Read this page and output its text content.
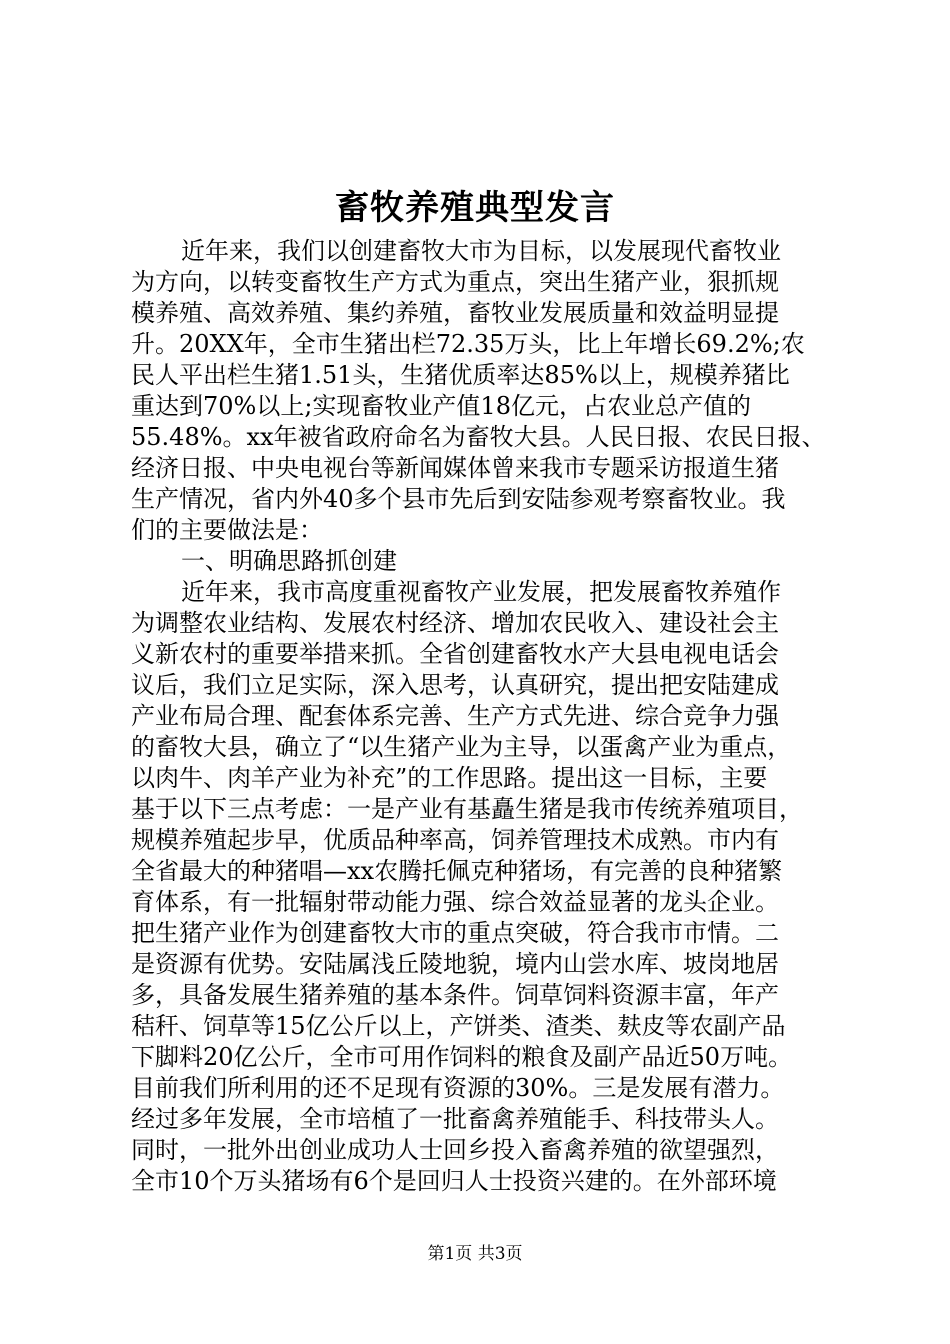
畜牧养殖典型发言
近年来，我们以创建畜牧大市为目标，以发展现代畜牧业
为方向，以转变畜牧生产方式为重点，突出生猪产业，狠抓规
模养殖、高效养殖、集约养殖，畜牧业发展质量和效益明显提
升。20XX年，全市生猪出栏72.35万头，比上年增长69.2%;农
民人平出栏生猪1.51头，生猪优质率达85%以上，规模养猪比
重达到70%以上;实现畜牧业产值18亿元，占农业总产值的
55.48%。xx年被省政府命名为畜牧大县。人民日报、农民日报、
经济日报、中央电视台等新闻媒体曾来我市专题采访报道生猪
生产情况，省内外40多个县市先后到安陆参观考察畜牧业。我
们的主要做法是：
一、明确思路抓创建
近年来，我市高度重视畜牧产业发展，把发展畜牧养殖作
为调整农业结构、发展农村经济、增加农民收入、建设社会主
义新农村的重要举措来抓。全省创建畜牧水产大县电视电话会
议后，我们立足实际，深入思考，认真研究，提出把安陆建成
产业布局合理、配套体系完善、生产方式先进、综合竞争力强
的畜牧大县，确立了“以生猪产业为主导，以蛋禽产业为重点，
以肉牛、肉羊产业为补充”的工作思路。提出这一目标，主要
基于以下三点考虑：一是产业有基矗生猪是我市传统养殖项目，
规模养殖起步早，优质品种率高，饲养管理技术成熟。市内有
全省最大的种猪唱—xx农腾托佩克种猪场，有完善的良种猪繁
育体系，有一批辐射带动能力强、综合效益显著的龙头企业。
把生猪产业作为创建畜牧大市的重点突破，符合我市市情。二
是资源有优势。安陆属浅丘陵地貌，境内山尝水库、坡岗地居
多，具备发展生猪养殖的基本条件。饲草饲料资源丰富，年产
秸秆、饲草等15亿公斤以上，产饼类、渣类、麸皮等农副产品
下脚料20亿公斤，全市可用作饲料的粮食及副产品近50万吨。
目前我们所利用的还不足现有资源的30%。三是发展有潜力。
经过多年发展，全市培植了一批畜禽养殖能手、科技带头人。
同时，一批外出创业成功人士回乡投入畜禽养殖的欲望强烈，
全市10个万头猪场有6个是回归人士投资兴建的。在外部环境
第1页 共3页
